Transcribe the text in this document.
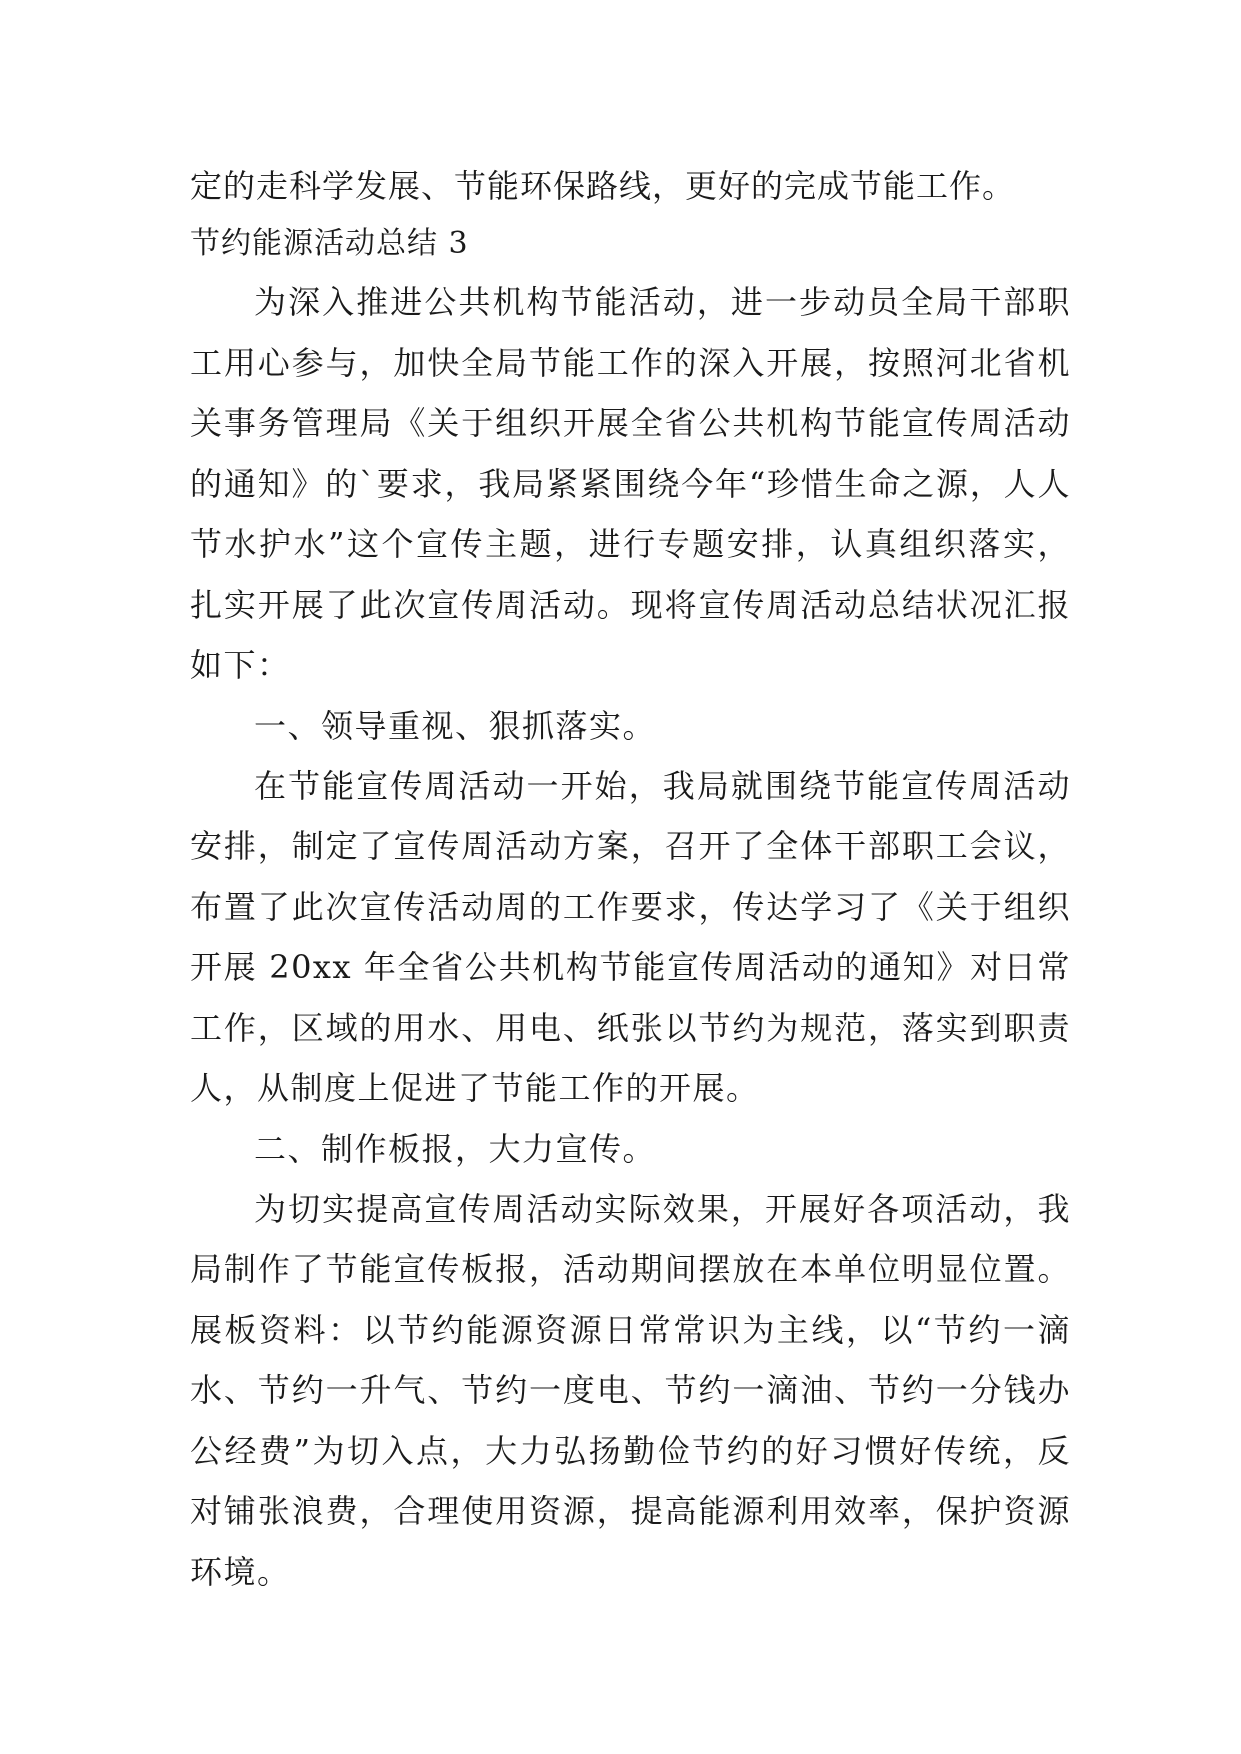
定的走科学发展、节能环保路线，更好的完成节能工作。

节约能源活动总结 3

为深入推进公共机构节能活动，进一步动员全局干部职工用心参与，加快全局节能工作的深入开展，按照河北省机关事务管理局《关于组织开展全省公共机构节能宣传周活动的通知》的`要求，我局紧紧围绕今年“珍惜生命之源，人人节水护水”这个宣传主题，进行专题安排，认真组织落实，扎实开展了此次宣传周活动。现将宣传周活动总结状况汇报如下：

一、领导重视、狠抓落实。

在节能宣传周活动一开始，我局就围绕节能宣传周活动安排，制定了宣传周活动方案，召开了全体干部职工会议，布置了此次宣传活动周的工作要求，传达学习了《关于组织开展 20xx 年全省公共机构节能宣传周活动的通知》对日常工作，区域的用水、用电、纸张以节约为规范，落实到职责人，从制度上促进了节能工作的开展。

二、制作板报，大力宣传。

为切实提高宣传周活动实际效果，开展好各项活动，我局制作了节能宣传板报，活动期间摆放在本单位明显位置。展板资料：以节约能源资源日常常识为主线，以“节约一滴水、节约一升气、节约一度电、节约一滴油、节约一分钱办公经费”为切入点，大力弘扬勤俭节约的好习惯好传统，反对铺张浪费，合理使用资源，提高能源利用效率，保护资源环境。
